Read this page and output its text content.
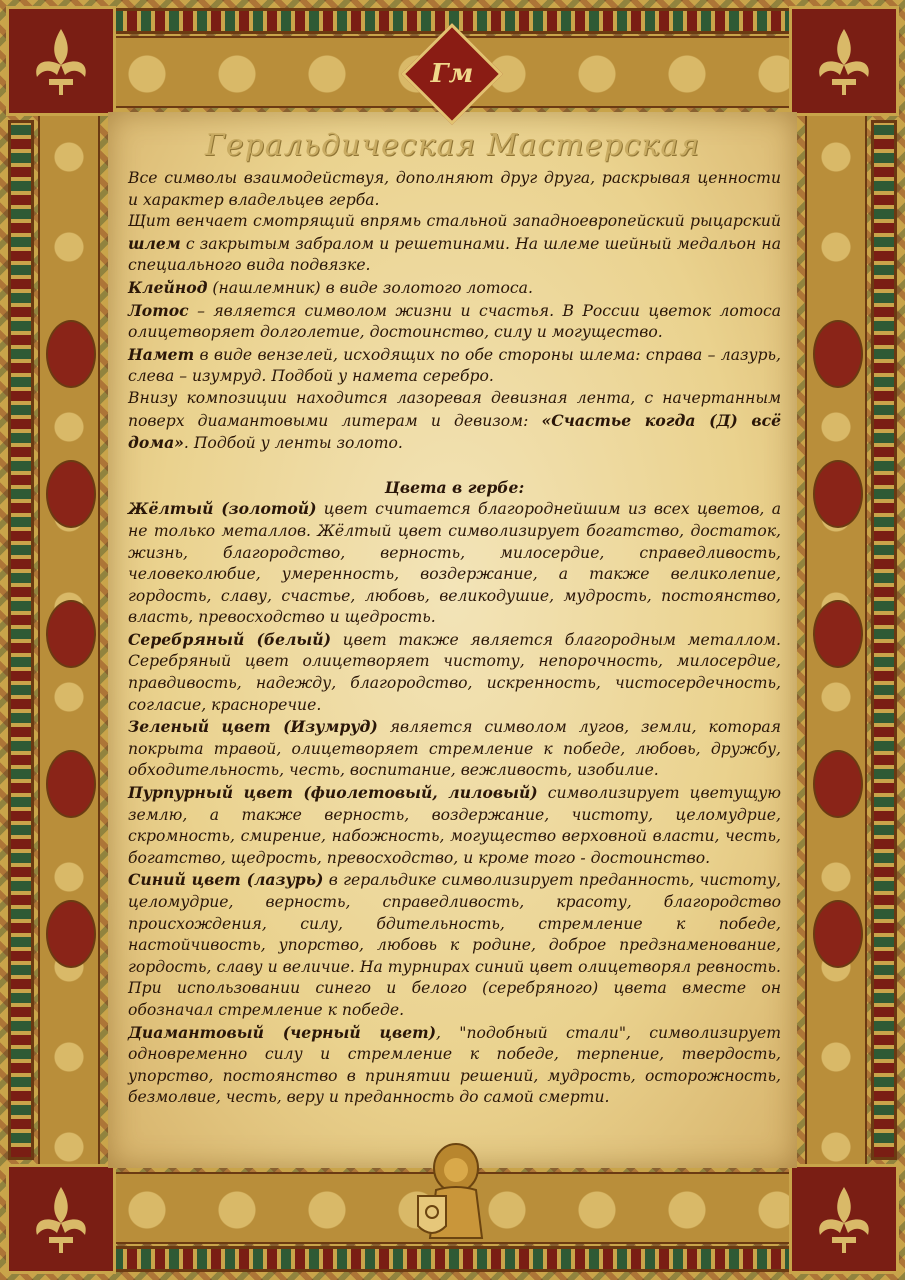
Гм
Геральдическая Мастерская

Все символы взаимодействуя, дополняют друг друга, раскрывая ценности и характер владельцев герба.

Щит венчает смотрящий впрямь стальной западноевропейский рыцарский шлем с закрытым забралом и решетинами. На шлеме шейный медальон на специального вида подвязке.

Клейнод (нашлемник) в виде золотого лотоса.

Лотос – является символом жизни и счастья. В России цветок лотоса олицетворяет долголетие, достоинство, силу и могущество.

Намет в виде вензелей, исходящих по обе стороны шлема: справа – лазурь, слева – изумруд. Подбой у намета серебро.

Внизу композиции находится лазоревая девизная лента, с начертанным поверх диамантовыми литерам и девизом: «Счастье когда (Д) всё дома». Подбой у ленты золото.

Цвета в гербе:

Жёлтый (золотой) цвет считается благороднейшим из всех цветов, а не только металлов. Жёлтый цвет символизирует богатство, достаток, жизнь, благородство, верность, милосердие, справедливость, человеколюбие, умеренность, воздержание, а также великолепие, гордость, славу, счастье, любовь, великодушие, мудрость, постоянство, власть, превосходство и щедрость.

Серебряный (белый) цвет также является благородным металлом. Серебряный цвет олицетворяет чистоту, непорочность, милосердие, правдивость, надежду, благородство, искренность, чистосердечность, согласие, красноречие.

Зеленый цвет (Изумруд) является символом лугов, земли, которая покрыта травой, олицетворяет стремление к победе, любовь, дружбу, обходительность, честь, воспитание, вежливость, изобилие.

Пурпурный цвет (фиолетовый, лиловый) символизирует цветущую землю, а также верность, воздержание, чистоту, целомудрие, скромность, смирение, набожность, могущество верховной власти, честь, богатство, щедрость, превосходство, и кроме того - достоинство.

Синий цвет (лазурь) в геральдике символизирует преданность, чистоту, целомудрие, верность, справедливость, красоту, благородство происхождения, силу, бдительность, стремление к победе, настойчивость, упорство, любовь к родине, доброе предзнаменование, гордость, славу и величие. На турнирах синий цвет олицетворял ревность. При использовании синего и белого (серебряного) цвета вместе он обозначал стремление к победе.

Диамантовый (черный цвет), "подобный стали", символизирует одновременно силу и стремление к победе, терпение, твердость, упорство, постоянство в принятии решений, мудрость, осторожность, безмолвие, честь, веру и преданность до самой смерти.
